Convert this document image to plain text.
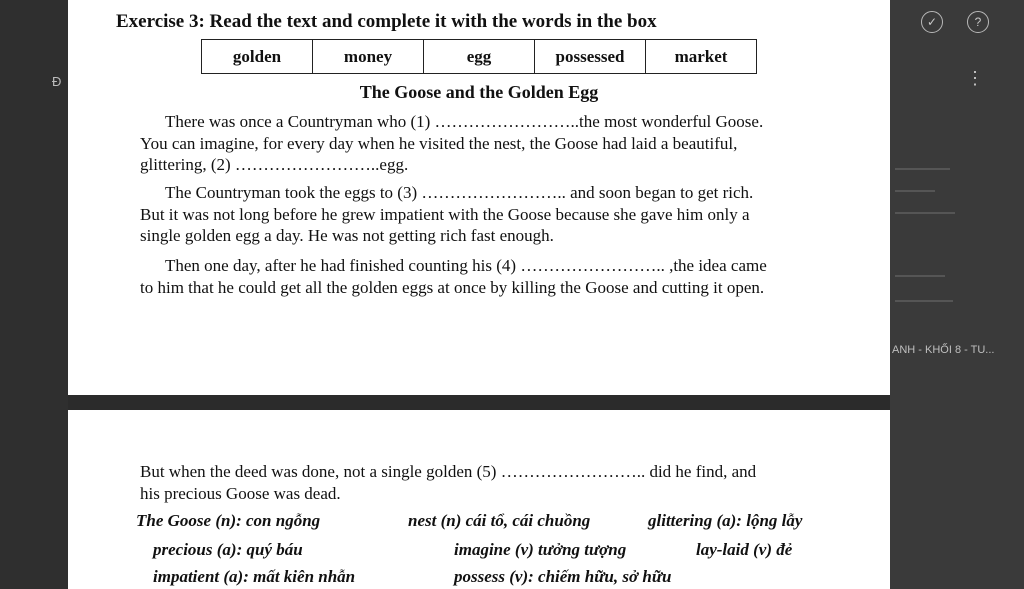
Đ
✓	?
⋮
ANH - KHỐI 8 - TU...
Exercise 3: Read the text and complete it with the words in the box
golden	money	egg	possessed	market
The Goose and the Golden Egg
There was once a Countryman who (1) ……………………..the most wonderful Goose.
You can imagine, for every day when he visited the nest, the Goose had laid a beautiful,
glittering, (2) ……………………..egg.
The Countryman took the eggs to (3) …………………….. and soon began to get rich.
But it was not long before he grew impatient with the Goose because she gave him only a
single golden egg a day. He was not getting rich fast enough.
Then one day, after he had finished counting his (4) …………………….. ,the idea came
to him that he could get all the golden eggs at once by killing the Goose and cutting it open.
But when the deed was done, not a single golden (5) …………………….. did he find, and
his precious Goose was dead.
The Goose (n): con ngỗng	nest (n) cái tổ, cái chuồng	glittering (a): lộng lẫy
precious (a): quý báu	imagine (v) tưởng tượng	lay-laid (v) đẻ
impatient (a): mất kiên nhẫn	possess (v): chiếm hữu, sở hữu
